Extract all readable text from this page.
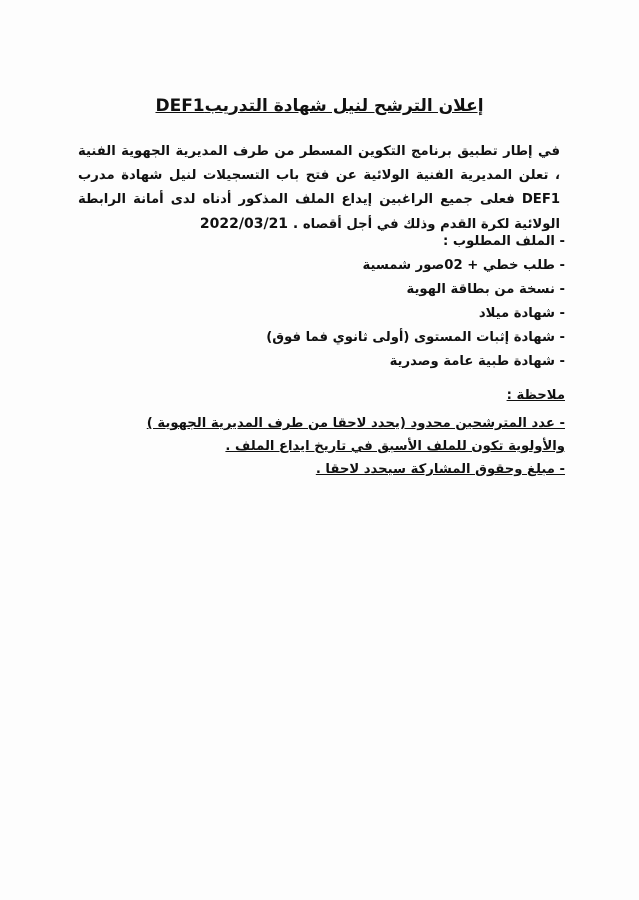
إعلان الترشح لنيل شهادة التدريبDEF1
في إطار تطبيق برنامج التكوين المسطر من طرف المديرية الجهوية الفنية ، تعلن المديرية الفنية الولائية عن فتح باب التسجيلات لنيل شهادة مدرب DEF1 فعلى جميع الراغبين إيداع الملف المذكور أدناه لدى أمانة الرابطة الولائية لكرة القدم وذلك في أجل أقصاه 2022/03/21 .
- الملف المطلوب :
- طلب خطي + 02صور شمسية
- نسخة من بطاقة الهوية
- شهادة ميلاد
- شهادة إثبات المستوى (أولى ثانوي فما فوق)
- شهادة طبية عامة وصدرية
ملاحظة :
- عدد المترشحين محدود (يحدد لاحقا من طرف المديرية الجهوية ) والأولوية تكون للملف الأسبق في تاريخ ايداع الملف .
- مبلغ وحقوق المشاركة سيحدد لاحقا .
